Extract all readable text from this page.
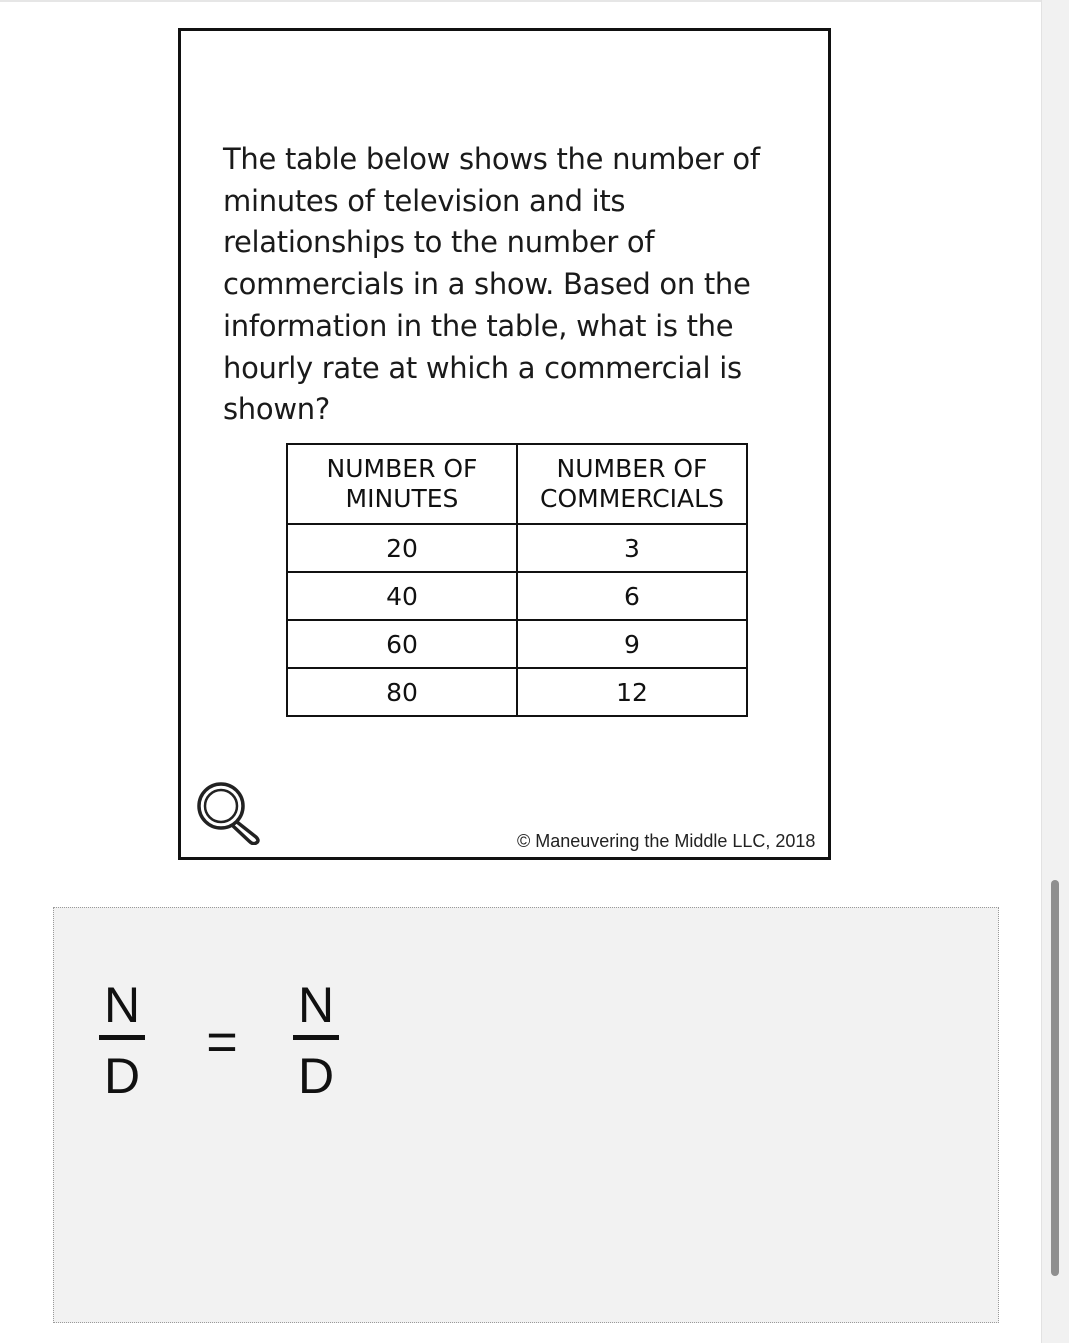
The table below shows the number of minutes of television and its relationships to the number of commercials in a show. Based on the information in the table, what is the hourly rate at which a commercial is shown?

NUMBER OF MINUTES	NUMBER OF COMMERCIALS
20	3
40	6
60	9
80	12
© Maneuvering the Middle LLC, 2018
N
D
=
N
D
